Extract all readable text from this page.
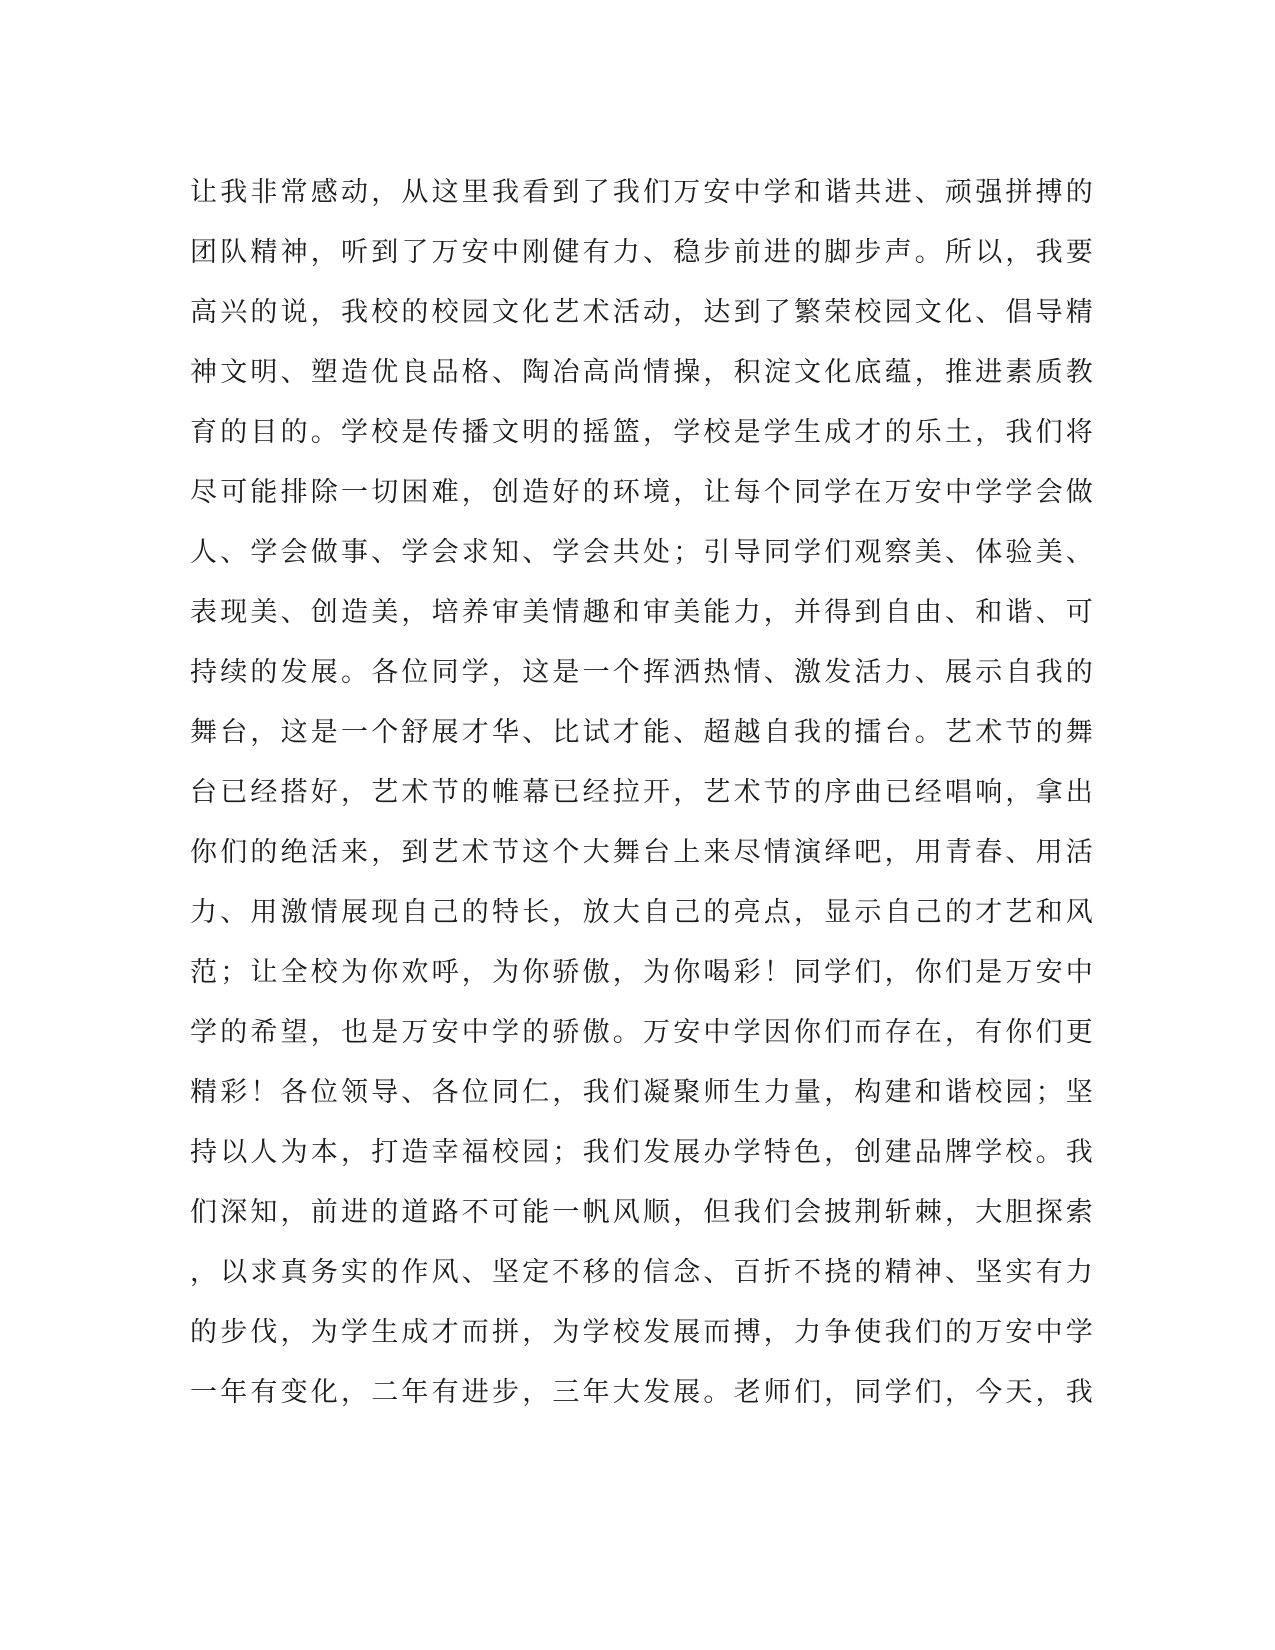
让我非常感动，从这里我看到了我们万安中学和谐共进、顽强拼搏的
团队精神，听到了万安中刚健有力、稳步前进的脚步声。所以，我要
高兴的说，我校的校园文化艺术活动，达到了繁荣校园文化、倡导精
神文明、塑造优良品格、陶冶高尚情操，积淀文化底蕴，推进素质教
育的目的。学校是传播文明的摇篮，学校是学生成才的乐土，我们将
尽可能排除一切困难，创造好的环境，让每个同学在万安中学学会做
人、学会做事、学会求知、学会共处；引导同学们观察美、体验美、
表现美、创造美，培养审美情趣和审美能力，并得到自由、和谐、可
持续的发展。各位同学，这是一个挥洒热情、激发活力、展示自我的
舞台，这是一个舒展才华、比试才能、超越自我的擂台。艺术节的舞
台已经搭好，艺术节的帷幕已经拉开，艺术节的序曲已经唱响，拿出
你们的绝活来，到艺术节这个大舞台上来尽情演绎吧，用青春、用活
力、用激情展现自己的特长，放大自己的亮点，显示自己的才艺和风
范；让全校为你欢呼，为你骄傲，为你喝彩！同学们，你们是万安中
学的希望，也是万安中学的骄傲。万安中学因你们而存在，有你们更
精彩！各位领导、各位同仁，我们凝聚师生力量，构建和谐校园；坚
持以人为本，打造幸福校园；我们发展办学特色，创建品牌学校。我
们深知，前进的道路不可能一帆风顺，但我们会披荆斩棘，大胆探索
，以求真务实的作风、坚定不移的信念、百折不挠的精神、坚实有力
的步伐，为学生成才而拼，为学校发展而搏，力争使我们的万安中学
一年有变化，二年有进步，三年大发展。老师们，同学们，今天，我
